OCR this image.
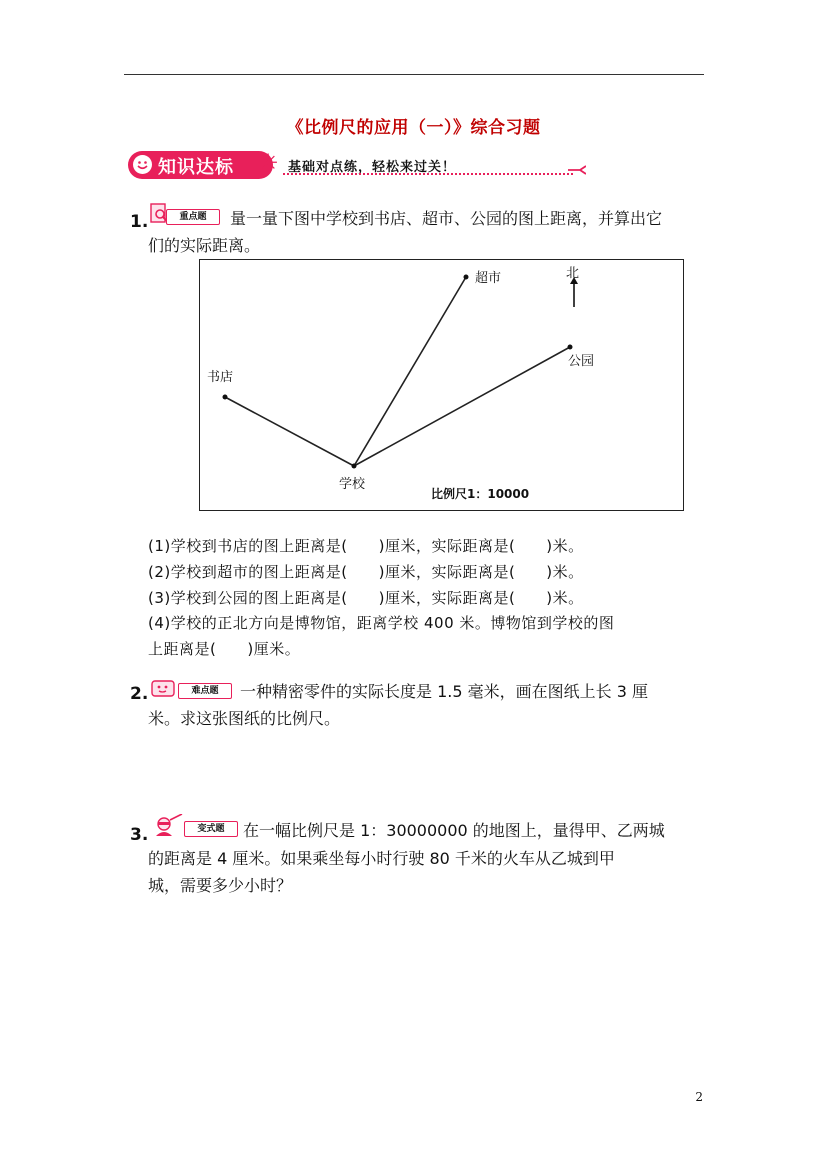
《比例尺的应用（一）》综合习题
知识达标 ✳ 基础对点练，轻松来过关！
1.	重点题	量一量下图中学校到书店、超市、公园的图上距离，并算出它
们的实际距离。
超市	北
公园
书店
学校
比例尺1：10000
(1)学校到书店的图上距离是(　　)厘米，实际距离是(　　)米。
(2)学校到超市的图上距离是(　　)厘米，实际距离是(　　)米。
(3)学校到公园的图上距离是(　　)厘米，实际距离是(　　)米。
(4)学校的正北方向是博物馆，距离学校 400 米。博物馆到学校的图
上距离是(　　)厘米。
2.	难点题	一种精密零件的实际长度是 1.5 毫米，画在图纸上长 3 厘
米。求这张图纸的比例尺。
3.	变式题	在一幅比例尺是 1：30000000 的地图上，量得甲、乙两城
的距离是 4 厘米。如果乘坐每小时行驶 80 千米的火车从乙城到甲
城，需要多少小时？
2
